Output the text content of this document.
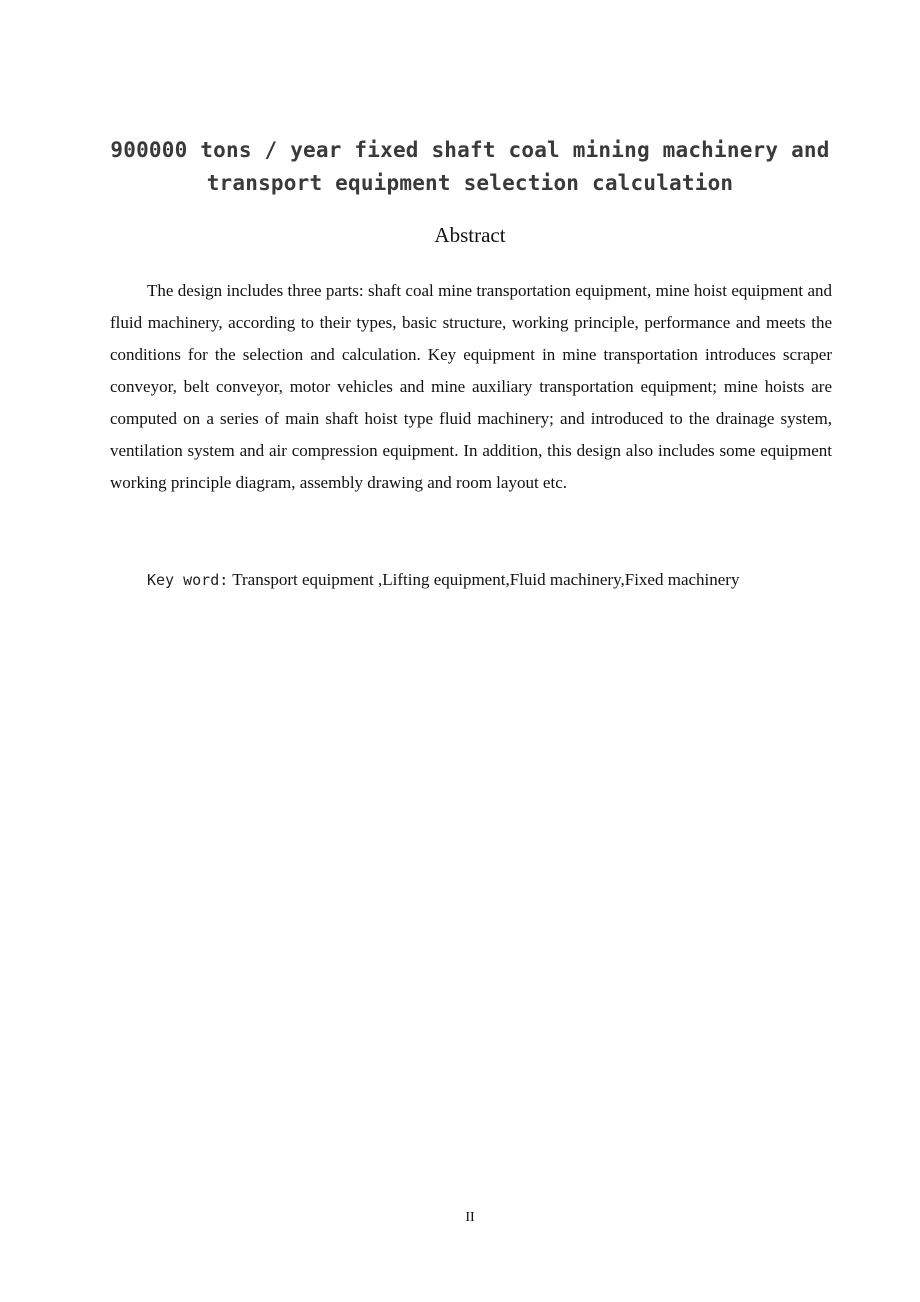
900000 tons / year fixed shaft coal mining machinery and
transport equipment selection calculation
Abstract

The design includes three parts: shaft coal mine transportation equipment, mine hoist equipment and fluid machinery, according to their types, basic structure, working principle, performance and meets the conditions for the selection and calculation. Key equipment in mine transportation introduces scraper conveyor, belt conveyor, motor vehicles and mine auxiliary transportation equipment; mine hoists are computed on a series of main shaft hoist type fluid machinery; and introduced to the drainage system, ventilation system and air compression equipment. In addition, this design also includes some equipment working principle diagram, assembly drawing and room layout etc.

Key word: Transport equipment ,Lifting equipment,Fluid machinery,Fixed machinery
II
